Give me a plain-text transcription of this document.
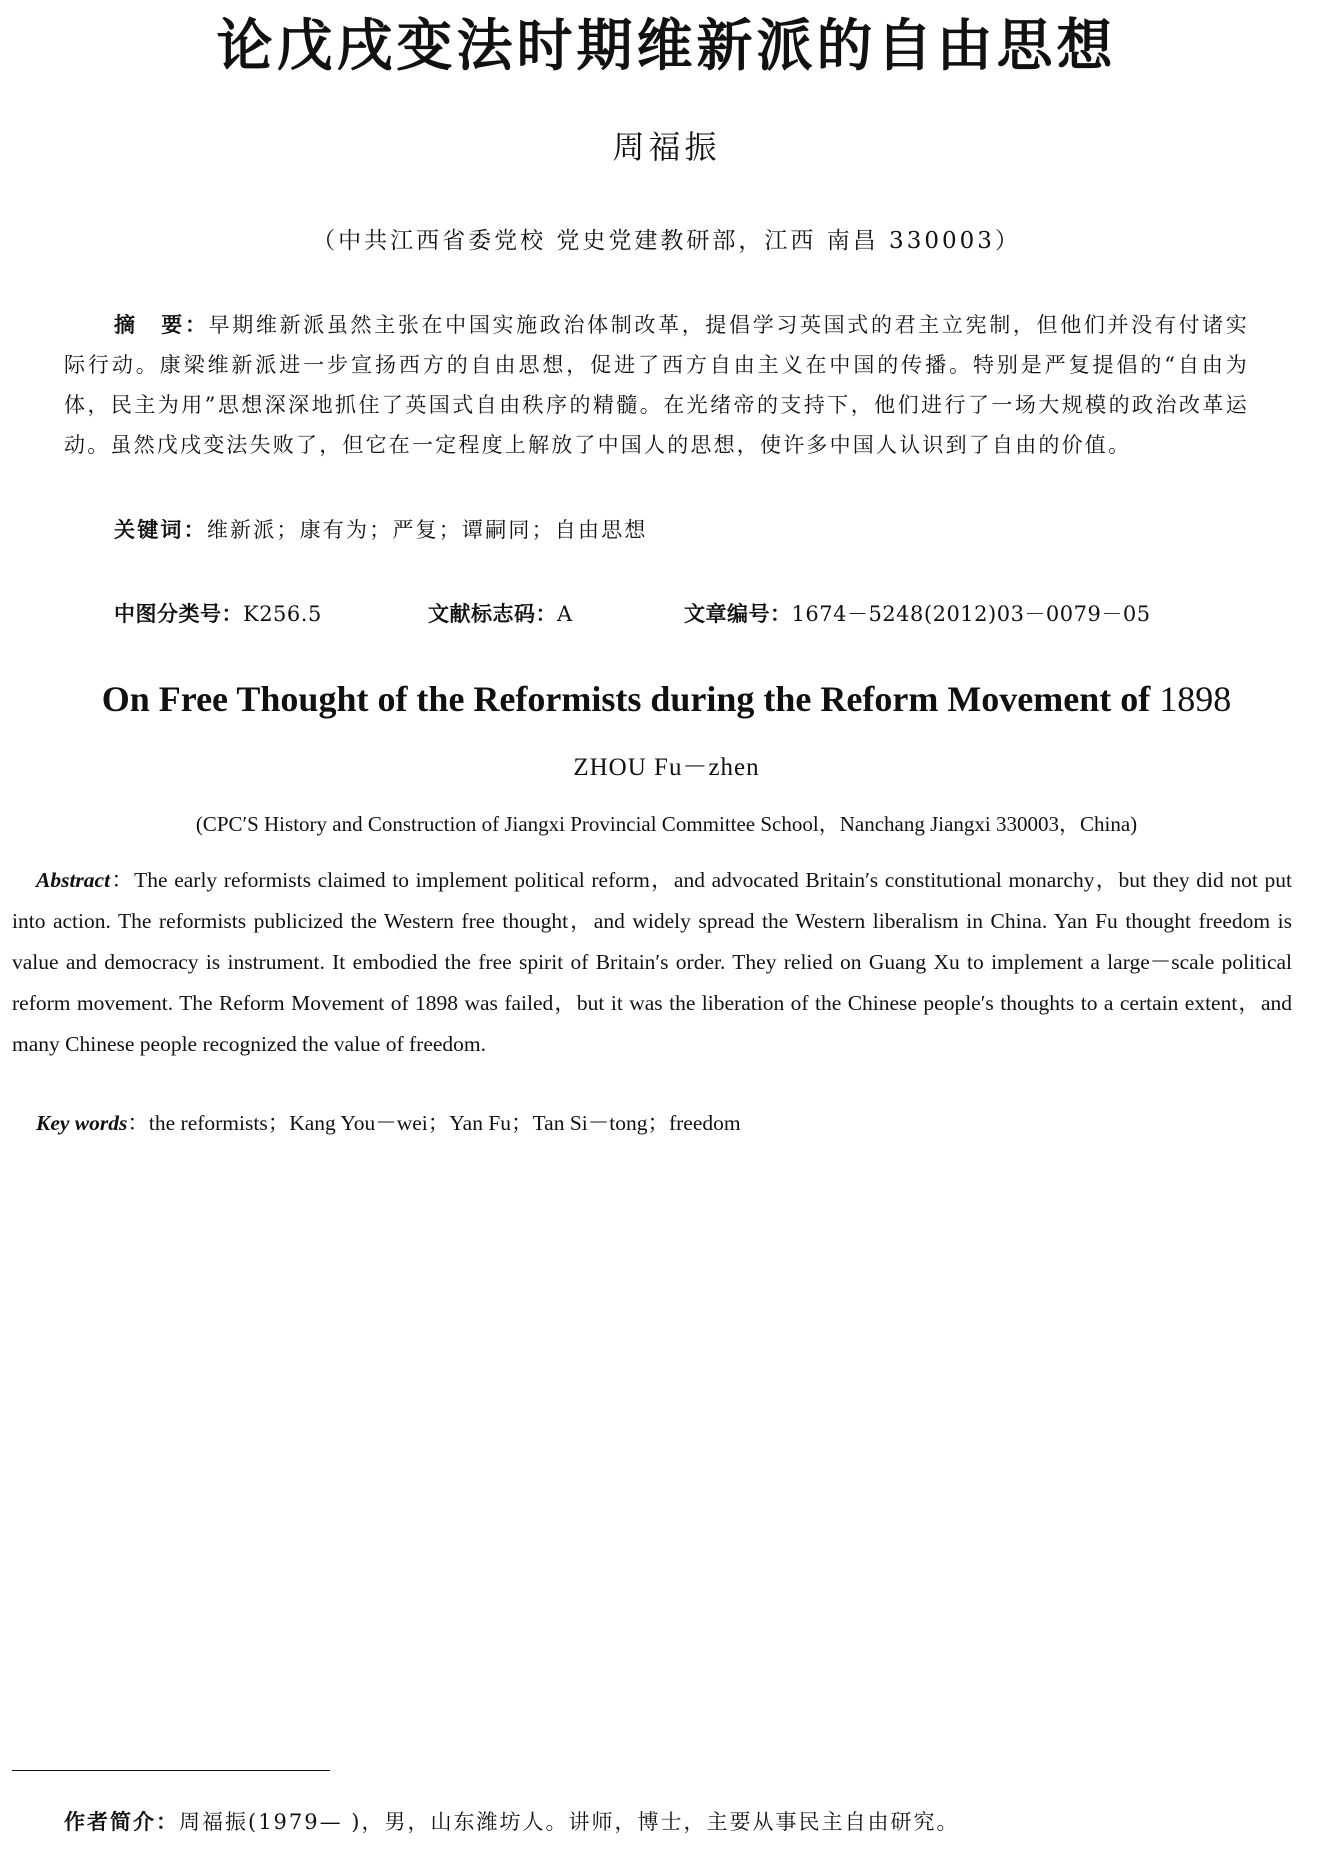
论戊戌变法时期维新派的自由思想
周福振
（中共江西省委党校 党史党建教研部，江西 南昌 330003）
摘　要：早期维新派虽然主张在中国实施政治体制改革，提倡学习英国式的君主立宪制，但他们并没有付诸实际行动。康梁维新派进一步宣扬西方的自由思想，促进了西方自由主义在中国的传播。特别是严复提倡的“自由为体，民主为用”思想深深地抓住了英国式自由秩序的精髓。在光绪帝的支持下，他们进行了一场大规模的政治改革运动。虽然戊戌变法失败了，但它在一定程度上解放了中国人的思想，使许多中国人认识到了自由的价值。
关键词：维新派；康有为；严复；谭嗣同；自由思想
中图分类号：K256.5	文献标志码：A	文章编号：1674－5248(2012)03－0079－05
On Free Thought of the Reformists during the Reform Movement of 1898
ZHOU Fu－zhen
(CPC′S History and Construction of Jiangxi Provincial Committee School，Nanchang Jiangxi 330003，China)
Abstract：The early reformists claimed to implement political reform，and advocated Britain′s constitutional monarchy，but they did not put into action. The reformists publicized the Western free thought，and widely spread the Western liberalism in China. Yan Fu thought freedom is value and democracy is instrument. It embodied the free spirit of Britain′s order. They relied on Guang Xu to implement a large－scale political reform movement. The Reform Movement of 1898 was failed，but it was the liberation of the Chinese people′s thoughts to a certain extent，and many Chinese people recognized the value of freedom.
Key words：the reformists；Kang You－wei；Yan Fu；Tan Si－tong；freedom
作者简介：周福振(1979— )，男，山东潍坊人。讲师，博士，主要从事民主自由研究。
